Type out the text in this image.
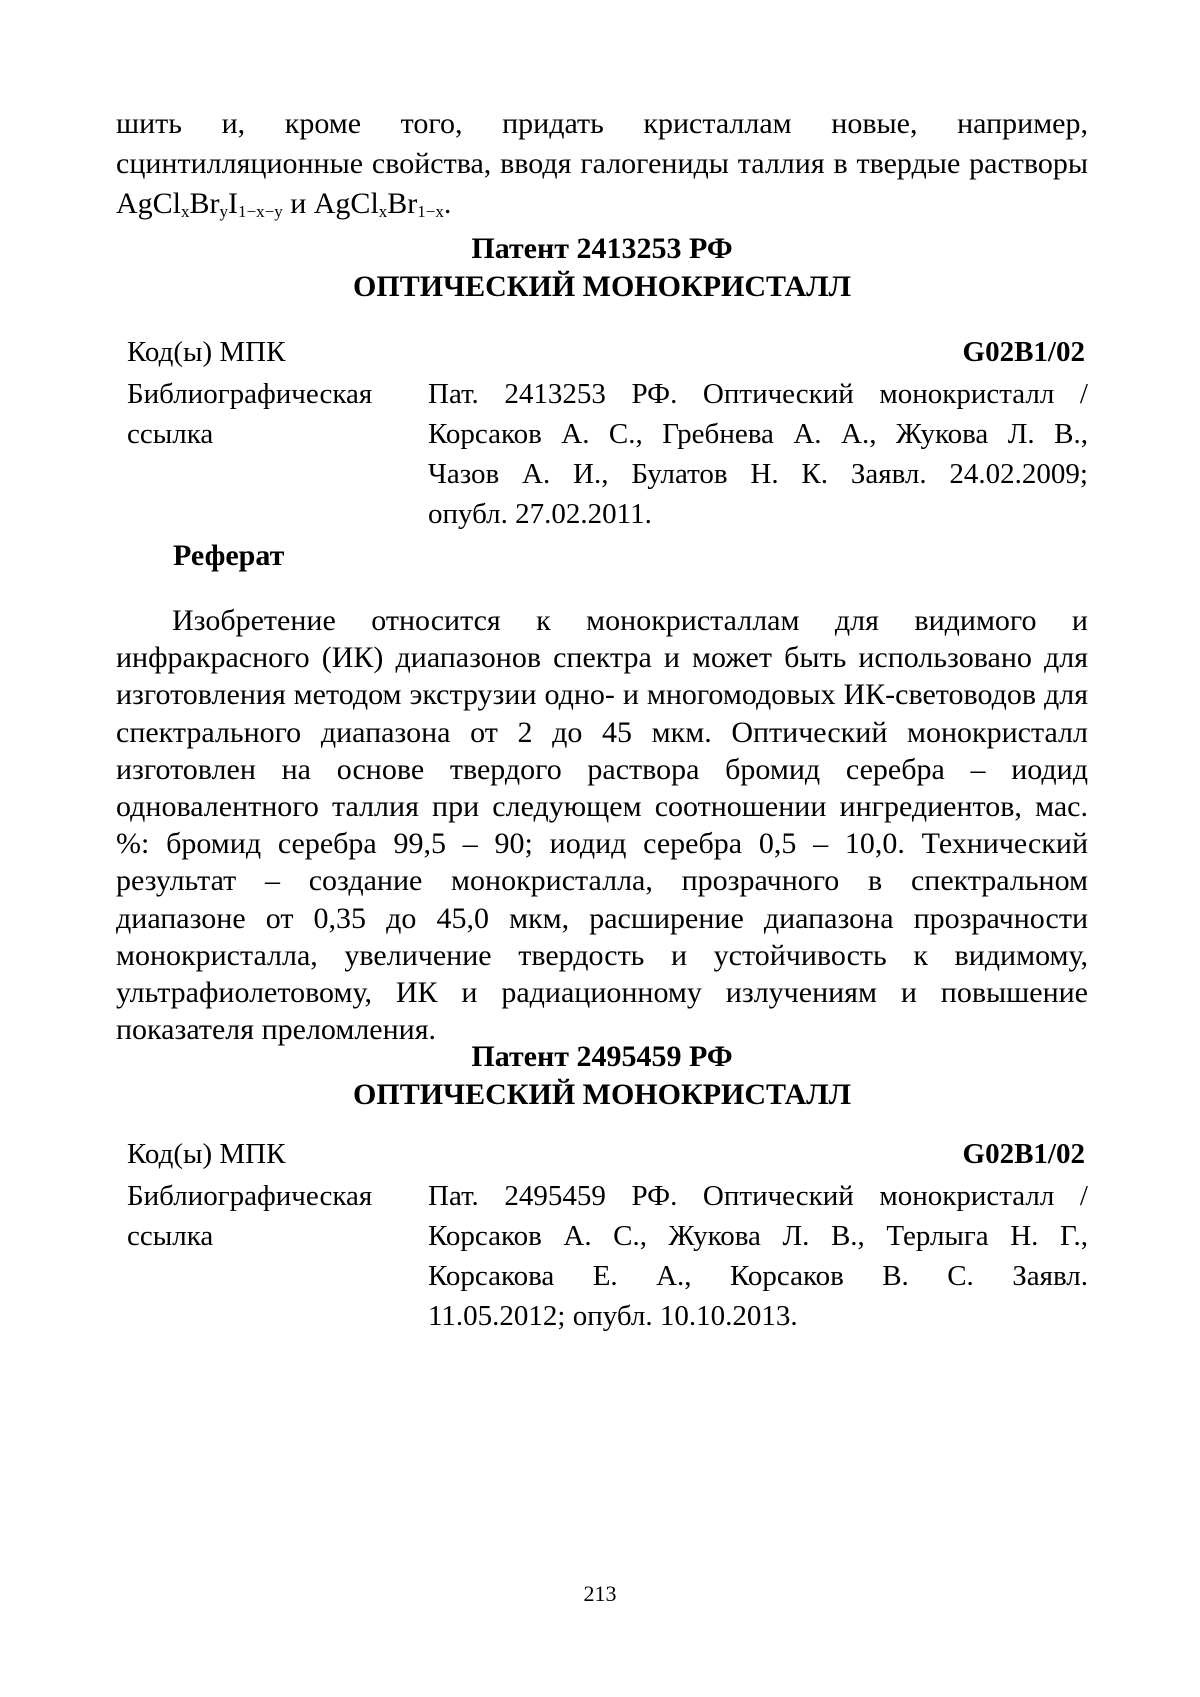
шить и, кроме того, придать кристаллам новые, например, сцинтилляционные свойства, вводя галогениды таллия в твердые растворы $AgCl_xBr_yI_{1-x-y}$ и $AgCl_xBr_{1-x}$.

Патент 2413253 РФ
ОПТИЧЕСКИЙ МОНОКРИСТАЛЛ
Код(ы) МПК	G02B1/02
Библиографическая ссылка
Пат. 2413253 РФ. Оптический монокристалл /
Корсаков А. С., Гребнева А. А., Жукова Л. В.,
Чазов А. И., Булатов Н. К. Заявл. 24.02.2009;
опубл. 27.02.2011.
Реферат

Изобретение относится к монокристаллам для видимого и инфракрасного (ИК) диапазонов спектра и может быть использовано для изготовления методом экструзии одно- и многомодовых ИК-световодов для спектрального диапазона от 2 до 45 мкм. Оптический монокристалл изготовлен на основе твердого раствора бромид серебра – иодид одновалентного таллия при следующем соотношении ингредиентов, мас. %: бромид серебра 99,5 – 90; иодид серебра 0,5 – 10,0. Технический результат – создание монокристалла, прозрачного в спектральном диапазоне от 0,35 до 45,0 мкм, расширение диапазона прозрачности монокристалла, увеличение твердость и устойчивость к видимому, ультрафиолетовому, ИК и радиационному излучениям и повышение показателя преломления.

Патент 2495459 РФ
ОПТИЧЕСКИЙ МОНОКРИСТАЛЛ
Код(ы) МПК	G02B1/02
Библиографическая ссылка
Пат. 2495459 РФ. Оптический монокристалл /
Корсаков А. С., Жукова Л. В., Терлыга Н. Г.,
Корсакова Е. А., Корсаков В. С. Заявл.
11.05.2012; опубл. 10.10.2013.
213
